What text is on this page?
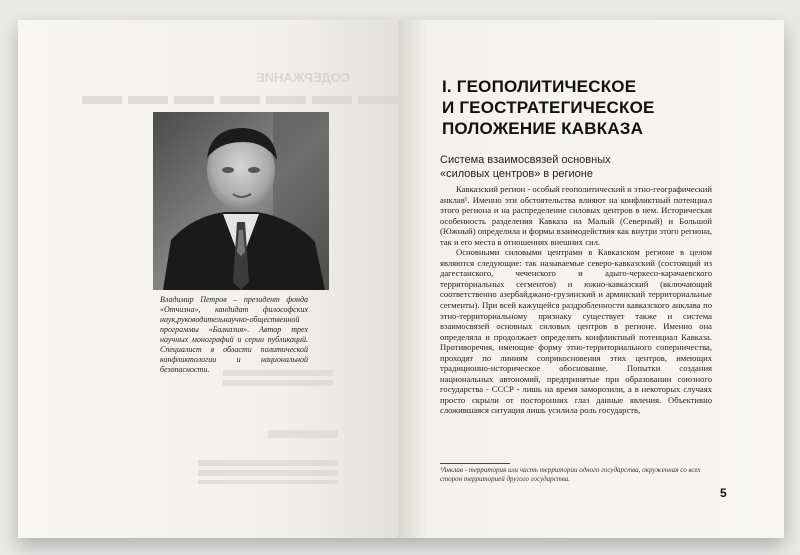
СОДЕРЖАНИЕ

Владимир Петров – президент фонда «Отчизна», кандидат философских наук,руководительнаучно-общественной программы «Балказия». Автор трех научных монографий и серии публикаций. Специалист в области политической конфликтологии и национальной безопасности.
I. ГЕОПОЛИТИЧЕСКОЕ
И ГЕОСТРАТЕГИЧЕСКОЕ
ПОЛОЖЕНИЕ КАВКАЗА
Система взаимосвязей основных
«силовых центров» в регионе

Кавказский регион - особый геополитический и этно-географический анклав¹. Именно эти обстоятельства влияют на конфликтный потенциал этого региона и на распределение силовых центров в нем. Историческая особенность разделения Кавказа на Малый (Северный) и Большой (Южный) определила и формы взаимодействия как внутри этого региона, так и его места в отношениях внешних сил.

Основными силовыми центрами в Кавказском регионе в целом являются следующие: так называемые северо-кавказский (состоящий из дагестанского, чеченского и адыго-черкесо-карачаевского территориальных сегментов) и южно-кавказский (включающий соответственно азербайджано-грузинский и армянский территориальные сегменты). При всей кажущейся раздробленности кавказского анклава по этно-территориальному признаку существует также и система взаимосвязей основных силовых центров в регионе. Именно она определяла и продолжает определять конфликтный потенциал Кавказа. Противоречия, имеющие форму этно-территориального соперничества, проходят по линиям соприкосновения этих центров, имеющих традиционно-историческое обоснование. Попытки создания национальных автономий, предпринятые при образовании союзного государства - СССР - лишь на время заморозили, а в некоторых случаях просто скрыли от посторонних глаз данные явления. Объективно сложившаяся ситуация лишь усилила роль государств,

¹Анклав - территория или часть территории одного государства, окруженная со всех сторон территорией другого государства.
5
